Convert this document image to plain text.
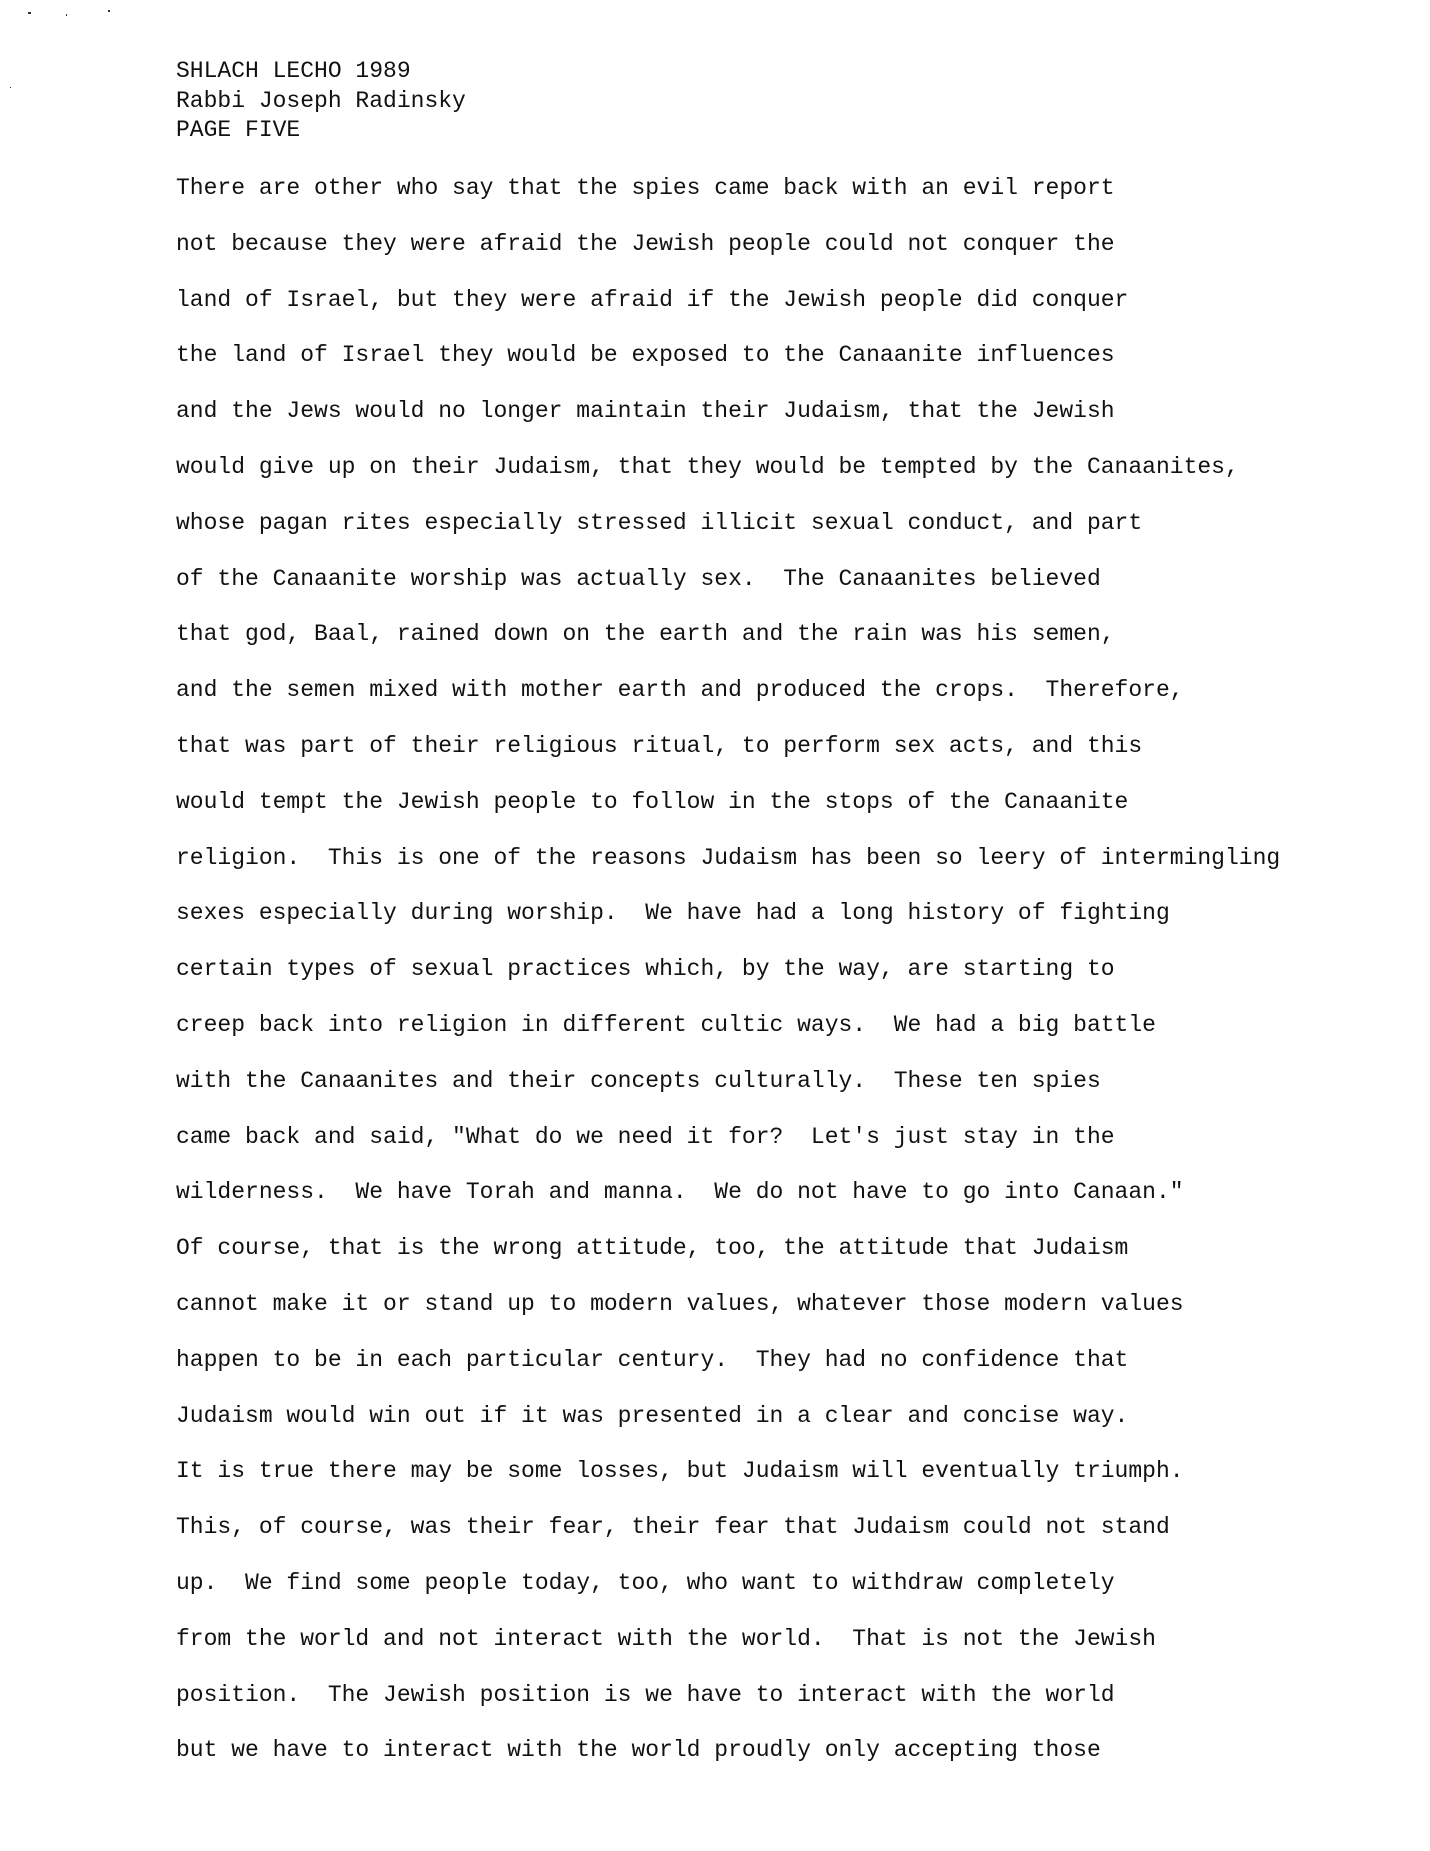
SHLACH LECHO 1989
Rabbi Joseph Radinsky
PAGE FIVE
There are other who say that the spies came back with an evil report
not because they were afraid the Jewish people could not conquer the
land of Israel, but they were afraid if the Jewish people did conquer
the land of Israel they would be exposed to the Canaanite influences
and the Jews would no longer maintain their Judaism, that the Jewish
would give up on their Judaism, that they would be tempted by the Canaanites,
whose pagan rites especially stressed illicit sexual conduct, and part
of the Canaanite worship was actually sex.  The Canaanites believed
that god, Baal, rained down on the earth and the rain was his semen,
and the semen mixed with mother earth and produced the crops.  Therefore,
that was part of their religious ritual, to perform sex acts, and this
would tempt the Jewish people to follow in the stops of the Canaanite
religion.  This is one of the reasons Judaism has been so leery of intermingling
sexes especially during worship.  We have had a long history of fighting
certain types of sexual practices which, by the way, are starting to
creep back into religion in different cultic ways.  We had a big battle
with the Canaanites and their concepts culturally.  These ten spies
came back and said, "What do we need it for?  Let's just stay in the
wilderness.  We have Torah and manna.  We do not have to go into Canaan."
Of course, that is the wrong attitude, too, the attitude that Judaism
cannot make it or stand up to modern values, whatever those modern values
happen to be in each particular century.  They had no confidence that
Judaism would win out if it was presented in a clear and concise way.
It is true there may be some losses, but Judaism will eventually triumph.
This, of course, was their fear, their fear that Judaism could not stand
up.  We find some people today, too, who want to withdraw completely
from the world and not interact with the world.  That is not the Jewish
position.  The Jewish position is we have to interact with the world
but we have to interact with the world proudly only accepting those
